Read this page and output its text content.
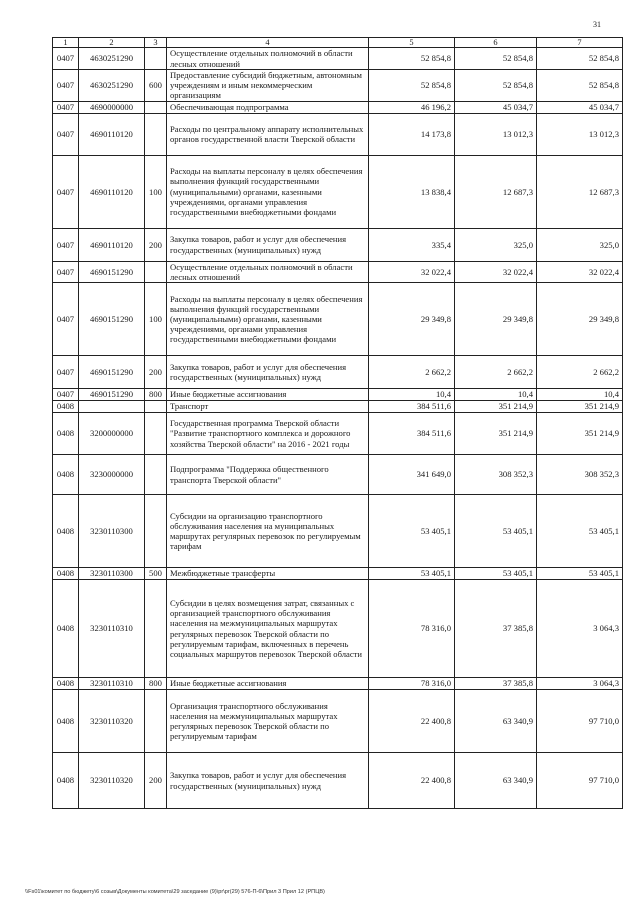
31
1	2	3	4	5	6	7
0407	4630251290		Осуществление отдельных полномочий в области лесных отношений	52 854,8	52 854,8	52 854,8
0407	4630251290	600	Предоставление субсидий бюджетным, автономным учреждениям и иным некоммерческим организациям	52 854,8	52 854,8	52 854,8
0407	4690000000		Обеспечивающая подпрограмма	46 196,2	45 034,7	45 034,7
0407	4690110120		Расходы по центральному аппарату исполнительных органов государственной власти Тверской области	14 173,8	13 012,3	13 012,3
0407	4690110120	100	Расходы на выплаты персоналу в целях обеспечения выполнения функций государственными (муниципальными) органами, казенными учреждениями, органами управления государственными внебюджетными фондами	13 838,4	12 687,3	12 687,3
0407	4690110120	200	Закупка товаров, работ и услуг для обеспечения государственных (муниципальных) нужд	335,4	325,0	325,0
0407	4690151290		Осуществление отдельных полномочий в области лесных отношений	32 022,4	32 022,4	32 022,4
0407	4690151290	100	Расходы на выплаты персоналу в целях обеспечения выполнения функций государственными (муниципальными) органами, казенными учреждениями, органами управления государственными внебюджетными фондами	29 349,8	29 349,8	29 349,8
0407	4690151290	200	Закупка товаров, работ и услуг для обеспечения государственных (муниципальных) нужд	2 662,2	2 662,2	2 662,2
0407	4690151290	800	Иные бюджетные ассигнования	10,4	10,4	10,4
0408			Транспорт	384 511,6	351 214,9	351 214,9
0408	3200000000		Государственная программа Тверской области "Развитие транспортного комплекса и дорожного хозяйства Тверской области" на 2016 - 2021 годы	384 511,6	351 214,9	351 214,9
0408	3230000000		Подпрограмма "Поддержка общественного транспорта Тверской области"	341 649,0	308 352,3	308 352,3
0408	3230110300		Субсидии на организацию транспортного обслуживания населения на муниципальных маршрутах регулярных перевозок по регулируемым тарифам	53 405,1	53 405,1	53 405,1
0408	3230110300	500	Межбюджетные трансферты	53 405,1	53 405,1	53 405,1
0408	3230110310		Субсидии в целях возмещения затрат, связанных с организацией транспортного обслуживания населения на межмуниципальных маршрутах регулярных перевозок Тверской области по регулируемым тарифам, включенных в перечень социальных маршрутов перевозок Тверской области	78 316,0	37 385,8	3 064,3
0408	3230110310	800	Иные бюджетные ассигнования	78 316,0	37 385,8	3 064,3
0408	3230110320		Организация транспортного обслуживания населения на межмуниципальных маршрутах регулярных перевозок Тверской области по регулируемым тарифам	22 400,8	63 340,9	97 710,0
0408	3230110320	200	Закупка товаров, работ и услуг для обеспечения государственных (муниципальных) нужд	22 400,8	63 340,9	97 710,0
\\Fs01\комитет по бюджету\6 созыв\Документы комитета\29 заседание (9)\pr\pr(29) 576-П-6\Прил 3 Прил 12 (РПЦВ)
